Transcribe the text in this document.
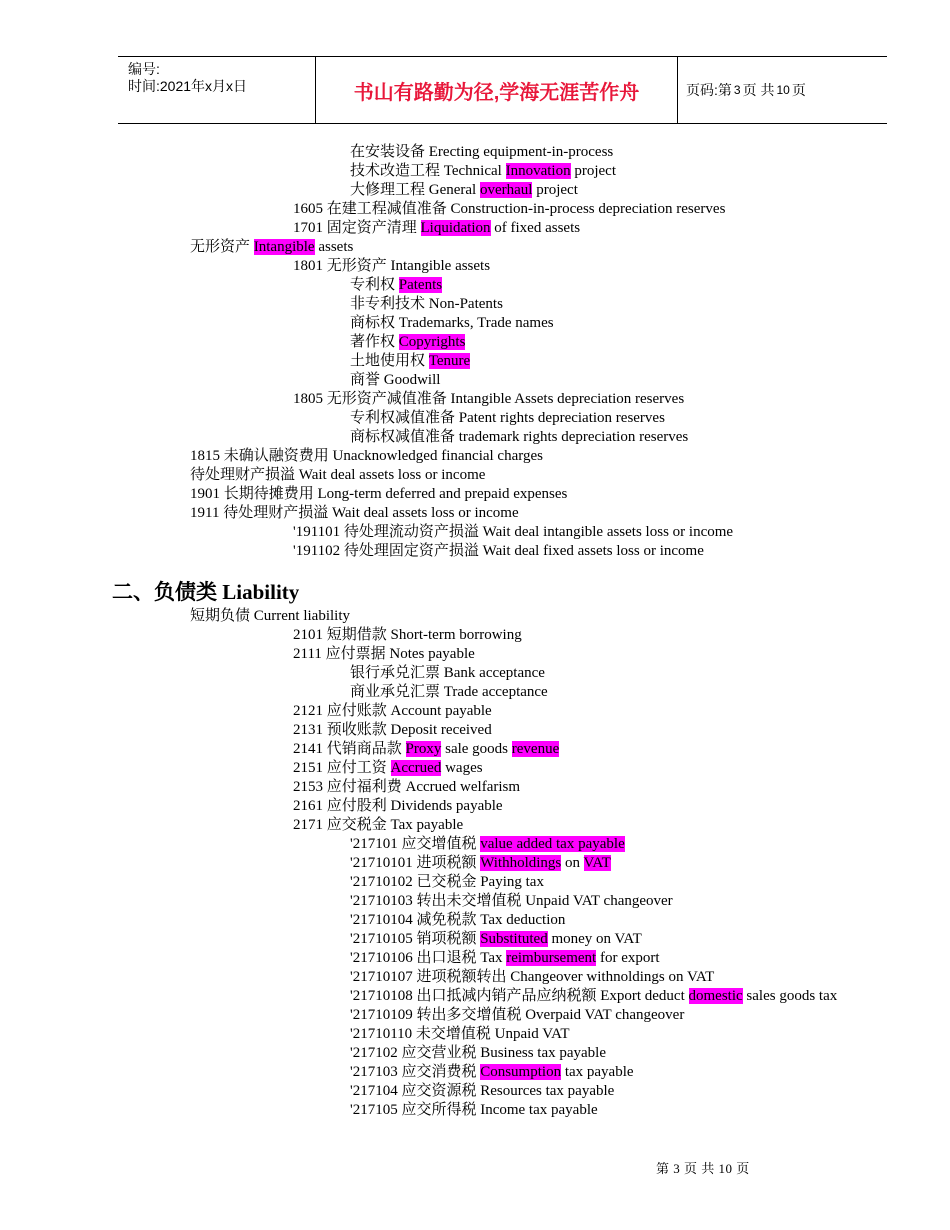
编号:
时间:2021年x月x日	书山有路勤为径,学海无涯苦作舟	页码:第 3 页 共 10 页
在安装设备 Erecting equipment-in-process
技术改造工程 Technical Innovation project
大修理工程 General overhaul project
1605 在建工程减值准备 Construction-in-process depreciation reserves
1701 固定资产清理 Liquidation of fixed assets
无形资产 Intangible assets
1801 无形资产 Intangible assets
专利权 Patents
非专利技术 Non-Patents
商标权 Trademarks, Trade names
著作权 Copyrights
土地使用权 Tenure
商誉 Goodwill
1805 无形资产减值准备 Intangible Assets depreciation reserves
专利权减值准备 Patent rights depreciation reserves
商标权减值准备 trademark rights depreciation reserves
1815 未确认融资费用 Unacknowledged financial charges
待处理财产损溢 Wait deal assets loss or income
1901 长期待摊费用 Long-term deferred and prepaid expenses
1911 待处理财产损溢 Wait deal assets loss or income
'191101 待处理流动资产损溢 Wait deal intangible assets loss or income
'191102 待处理固定资产损溢 Wait deal fixed assets loss or income
短期负债 Current liability
2101 短期借款 Short-term borrowing
2111 应付票据 Notes payable
银行承兑汇票 Bank acceptance
商业承兑汇票 Trade acceptance
2121 应付账款 Account payable
2131 预收账款 Deposit received
2141 代销商品款 Proxy sale goods revenue
2151 应付工资 Accrued wages
2153 应付福利费 Accrued welfarism
2161 应付股利 Dividends payable
2171 应交税金 Tax payable
'217101 应交增值税 value added tax payable
'21710101 进项税额 Withholdings on VAT
'21710102 已交税金 Paying tax
'21710103 转出未交增值税 Unpaid VAT changeover
'21710104 减免税款 Tax deduction
'21710105 销项税额 Substituted money on VAT
'21710106 出口退税 Tax reimbursement for export
'21710107 进项税额转出 Changeover withnoldings on VAT
'21710108 出口抵减内销产品应纳税额 Export deduct domestic sales goods tax
'21710109 转出多交增值税 Overpaid VAT changeover
'21710110 未交增值税 Unpaid VAT
'217102 应交营业税 Business tax payable
'217103 应交消费税 Consumption tax payable
'217104 应交资源税 Resources tax payable
'217105 应交所得税 Income tax payable
二、负债类 Liability
第 3 页 共 10 页
